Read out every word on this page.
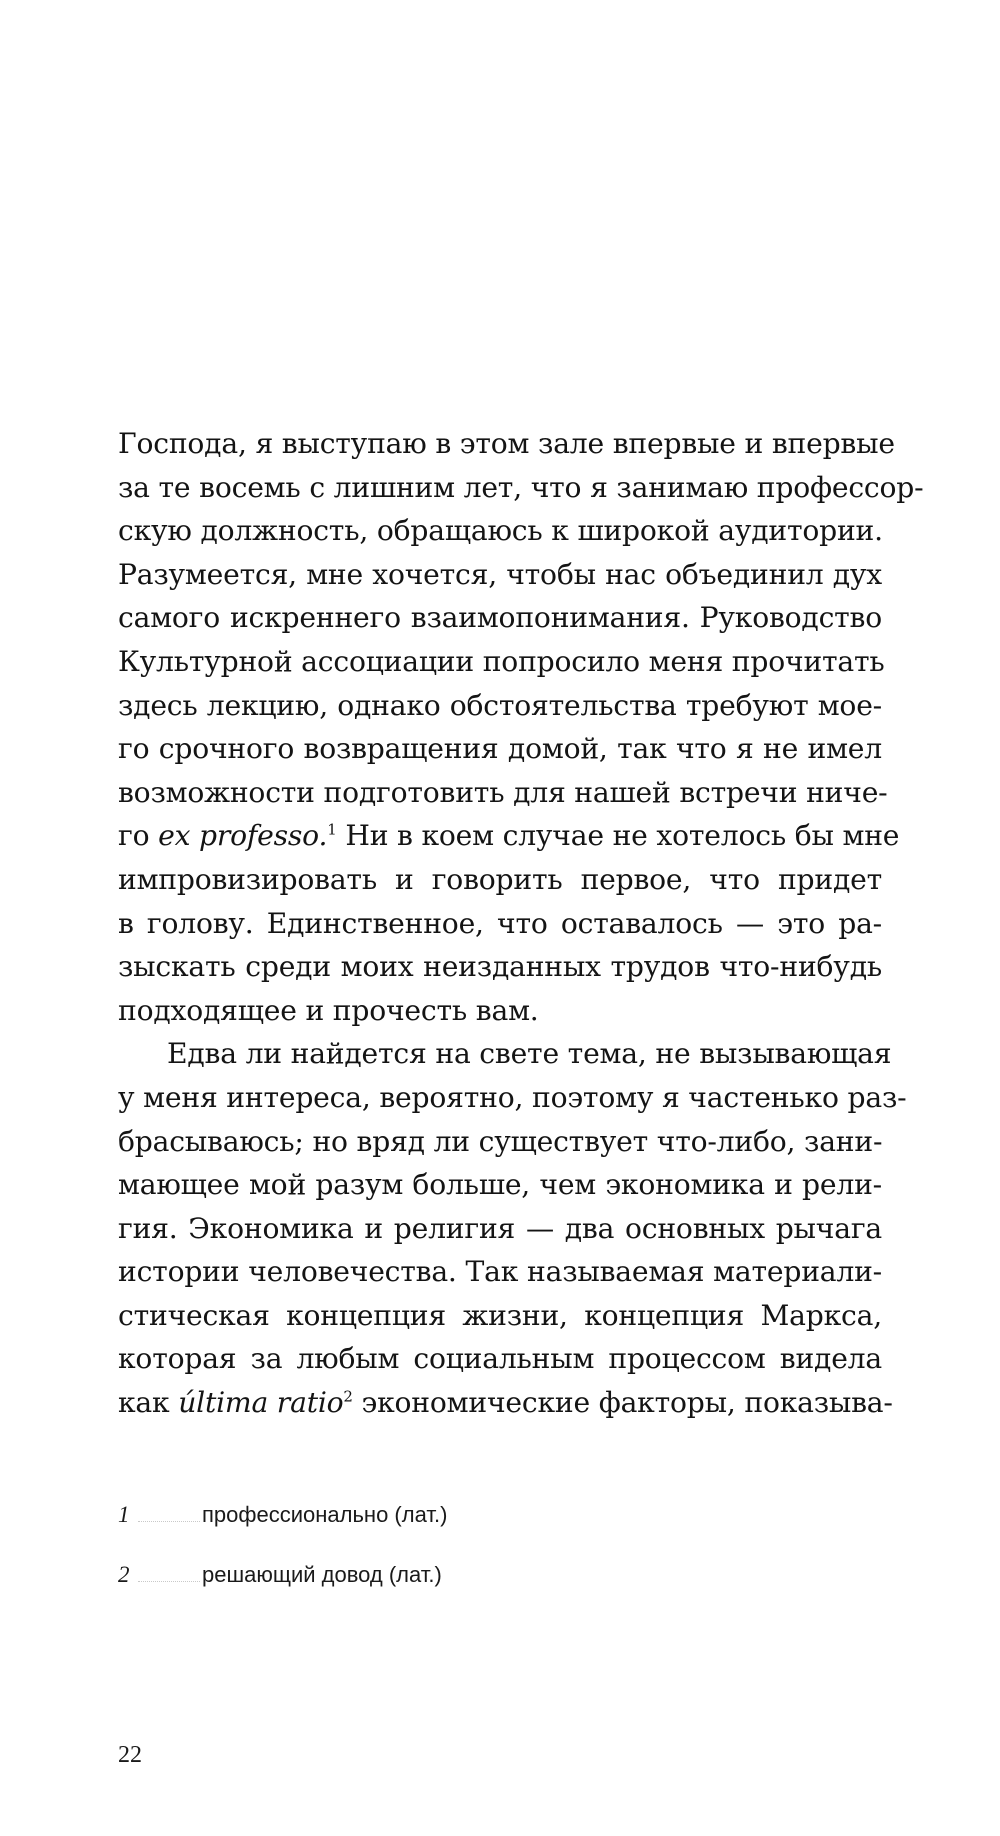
Господа, я выступаю в этом зале впервые и впервые
за те восемь с лишним лет, что я занимаю профессор-
скую должность, обращаюсь к широкой аудитории.
Разумеется, мне хочется, чтобы нас объединил дух
самого искреннего взаимопонимания. Руководство
Культурной ассоциации попросило меня прочитать
здесь лекцию, однако обстоятельства требуют мое-
го срочного возвращения домой, так что я не имел
возможности подготовить для нашей встречи ниче-
го ex professo.$^1$ Ни в коем случае не хотелось бы мне
импровизировать и говорить первое, что придет
в голову. Единственное, что оставалось — это ра-
зыскать среди моих неизданных трудов что-нибудь
подходящее и прочесть вам.
Едва ли найдется на свете тема, не вызывающая
у меня интереса, вероятно, поэтому я частенько раз-
брасываюсь; но вряд ли существует что-либо, зани-
мающее мой разум больше, чем экономика и рели-
гия. Экономика и религия — два основных рычага
истории человечества. Так называемая материали-
стическая концепция жизни, концепция Маркса,
которая за любым социальным процессом видела
как última ratio$^2$ экономические факторы, показыва-
1	профессионально (лат.)
2	решающий довод (лат.)
22
